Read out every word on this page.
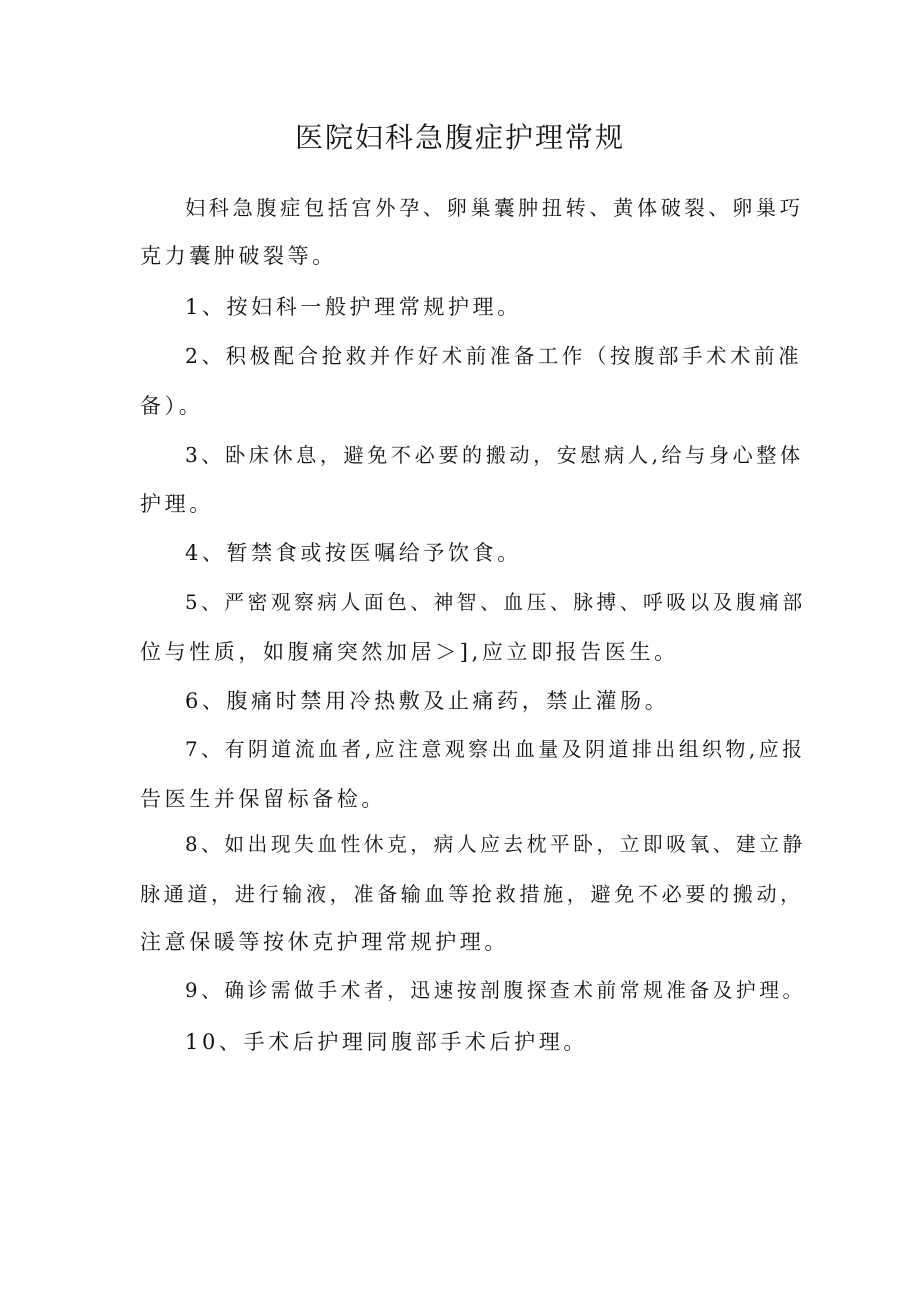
医院妇科急腹症护理常规
妇科急腹症包括宫外孕、卵巢囊肿扭转、黄体破裂、卵巢巧
克力囊肿破裂等。
1、按妇科一般护理常规护理。
2、积极配合抢救并作好术前准备工作（按腹部手术术前准
备）。
3、卧床休息，避免不必要的搬动，安慰病人,给与身心整体
护理。
4、暂禁食或按医嘱给予饮食。
5、严密观察病人面色、神智、血压、脉搏、呼吸以及腹痛部
位与性质，如腹痛突然加居＞],应立即报告医生。
6、腹痛时禁用冷热敷及止痛药，禁止灌肠。
7、有阴道流血者,应注意观察出血量及阴道排出组织物,应报
告医生并保留标备检。
8、如出现失血性休克，病人应去枕平卧，立即吸氧、建立静
脉通道，进行输液，准备输血等抢救措施，避免不必要的搬动，
注意保暖等按休克护理常规护理。
9、确诊需做手术者，迅速按剖腹探查术前常规准备及护理。
10、手术后护理同腹部手术后护理。
